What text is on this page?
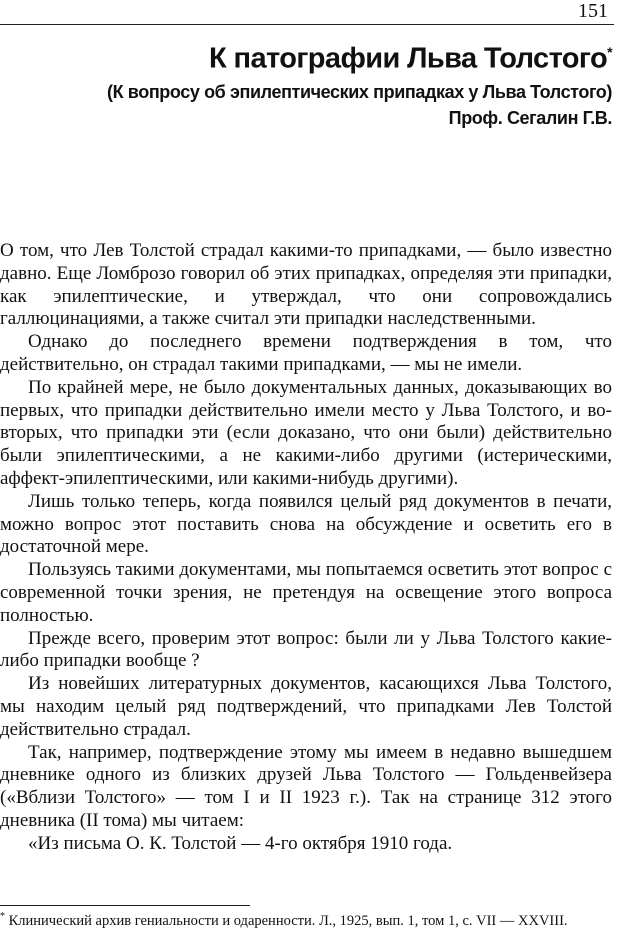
151
К патографии Льва Толстого*
(К вопросу об эпилептических припадках у Льва Толстого)
Проф. Сегалин Г.В.

О том, что Лев Толстой страдал какими-то припадками, — было известно давно. Еще Ломброзо говорил об этих припадках, определяя эти припадки, как эпилептические, и утверждал, что они сопровождались галлюцинациями, а также считал эти припадки наследственными.

Однако до последнего времени подтверждения в том, что действительно, он страдал такими припадками, — мы не имели.

По крайней мере, не было документальных данных, доказывающих во первых, что припадки действительно имели место у Льва Толстого, и во-вторых, что припадки эти (если доказано, что они были) действительно были эпилептическими, а не какими-либо другими (истерическими, аффект-эпилептическими, или какими-нибудь другими).

Лишь только теперь, когда появился целый ряд документов в печати, можно вопрос этот поставить снова на обсуждение и осветить его в достаточной мере.

Пользуясь такими документами, мы попытаемся осветить этот вопрос с современной точки зрения, не претендуя на освещение этого вопроса полностью.

Прежде всего, проверим этот вопрос: были ли у Льва Толстого какие-либо припадки вообще ?

Из новейших литературных документов, касающихся Льва Толстого, мы находим целый ряд подтверждений, что припадками Лев Толстой действительно страдал.

Так, например, подтверждение этому мы имеем в недавно вышедшем дневнике одного из близких друзей Льва Толстого — Гольденвейзера («Вблизи Толстого» — том I и II 1923 г.). Так на странице 312 этого дневника (II тома) мы читаем:

«Из письма О. К. Толстой — 4-го октября 1910 года.

* Клинический архив гениальности и одаренности. Л., 1925, вып. 1, том 1, с. VII — XXVIII.
